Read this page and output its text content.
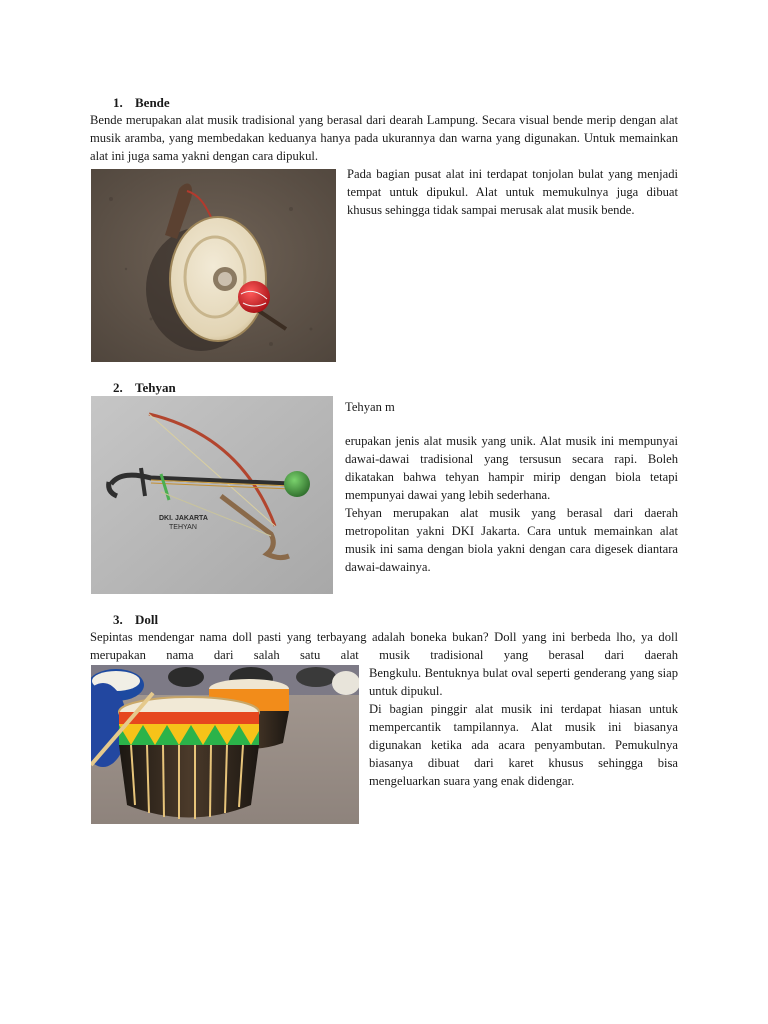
1. Bende

Bende merupakan alat musik tradisional yang berasal dari dearah Lampung. Secara visual bende merip dengan alat musik aramba, yang membedakan keduanya hanya pada ukurannya dan warna yang digunakan. Untuk memainkan alat ini juga sama yakni dengan cara dipukul.

Pada bagian pusat alat ini terdapat tonjolan bulat yang menjadi tempat untuk dipukul. Alat untuk memukulnya juga dibuat khusus sehingga tidak sampai merusak alat musik bende.

2. Tehyan
DKI. JAKARTA
TEHYAN

Tehyan m

erupakan jenis alat musik yang unik. Alat musik ini mempunyai dawai-dawai tradisional yang tersusun secara rapi. Boleh dikatakan bahwa tehyan hampir mirip dengan biola tetapi mempunyai dawai yang lebih sederhana.

Tehyan merupakan alat musik yang berasal dari daerah metropolitan yakni DKI Jakarta. Cara untuk memainkan alat musik ini sama dengan biola yakni dengan cara digesek diantara dawai-dawainya.

3. Doll

Sepintas mendengar nama doll pasti yang terbayang adalah boneka bukan? Doll yang ini berbeda lho, ya doll merupakan nama dari salah satu alat musik tradisional yang berasal dari daerah

Bengkulu. Bentuknya bulat oval seperti genderang yang siap untuk dipukul.

Di bagian pinggir alat musik ini terdapat hiasan untuk mempercantik tampilannya. Alat musik ini biasanya digunakan ketika ada acara penyambutan. Pemukulnya biasanya dibuat dari karet khusus sehingga bisa mengeluarkan suara yang enak didengar.
